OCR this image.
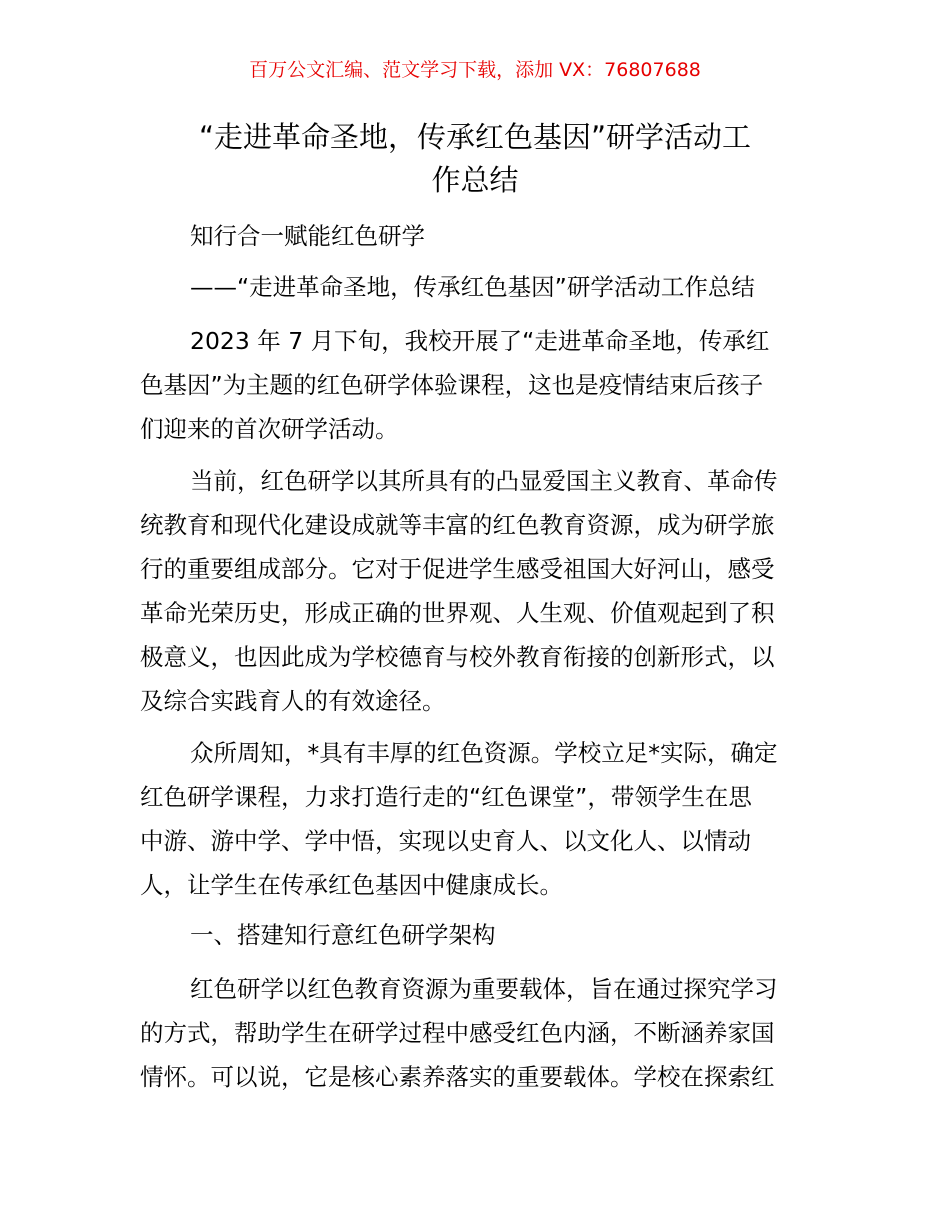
百万公文汇编、范文学习下载，添加 VX：76807688
“走进革命圣地，传承红色基因”研学活动工
作总结
知行合一赋能红色研学
——“走进革命圣地，传承红色基因”研学活动工作总结
2023 年 7 月下旬，我校开展了“走进革命圣地，传承红
色基因”为主题的红色研学体验课程，这也是疫情结束后孩子
们迎来的首次研学活动。
当前，红色研学以其所具有的凸显爱国主义教育、革命传
统教育和现代化建设成就等丰富的红色教育资源，成为研学旅
行的重要组成部分。它对于促进学生感受祖国大好河山，感受
革命光荣历史，形成正确的世界观、人生观、价值观起到了积
极意义，也因此成为学校德育与校外教育衔接的创新形式，以
及综合实践育人的有效途径。
众所周知，*具有丰厚的红色资源。学校立足*实际，确定
红色研学课程，力求打造行走的“红色课堂”，带领学生在思
中游、游中学、学中悟，实现以史育人、以文化人、以情动
人，让学生在传承红色基因中健康成长。
一、搭建知行意红色研学架构
红色研学以红色教育资源为重要载体，旨在通过探究学习
的方式，帮助学生在研学过程中感受红色内涵，不断涵养家国
情怀。可以说，它是核心素养落实的重要载体。学校在探索红
